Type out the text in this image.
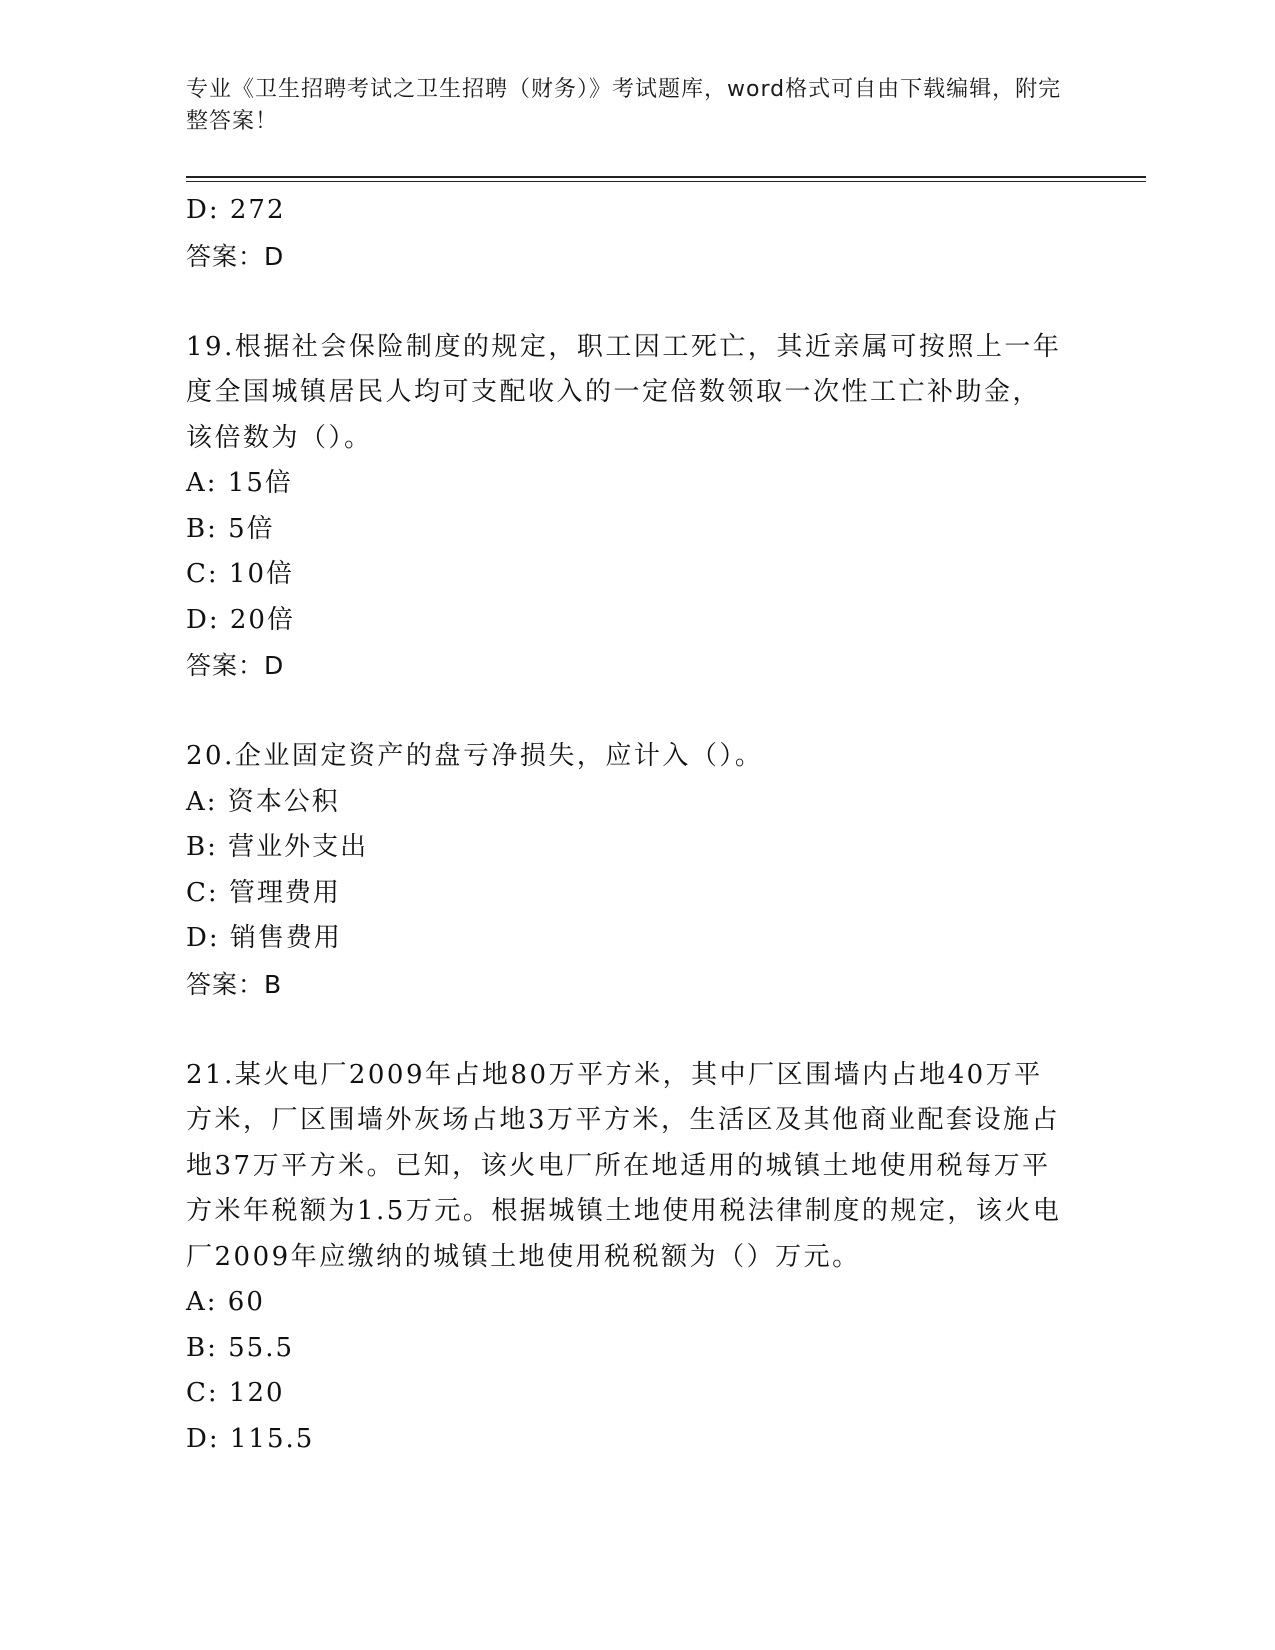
专业《卫生招聘考试之卫生招聘（财务）》考试题库，word格式可自由下载编辑，附完整答案！
D: 272
答案：D
19.根据社会保险制度的规定，职工因工死亡，其近亲属可按照上一年度全国城镇居民人均可支配收入的一定倍数领取一次性工亡补助金，该倍数为（）。
A: 15倍
B: 5倍
C: 10倍
D: 20倍
答案：D
20.企业固定资产的盘亏净损失，应计入（）。
A: 资本公积
B: 营业外支出
C: 管理费用
D: 销售费用
答案：B
21.某火电厂2009年占地80万平方米，其中厂区围墙内占地40万平方米，厂区围墙外灰场占地3万平方米，生活区及其他商业配套设施占地37万平方米。已知，该火电厂所在地适用的城镇土地使用税每万平方米年税额为1.5万元。根据城镇土地使用税法律制度的规定，该火电厂2009年应缴纳的城镇土地使用税税额为（）万元。
A: 60
B: 55.5
C: 120
D: 115.5
